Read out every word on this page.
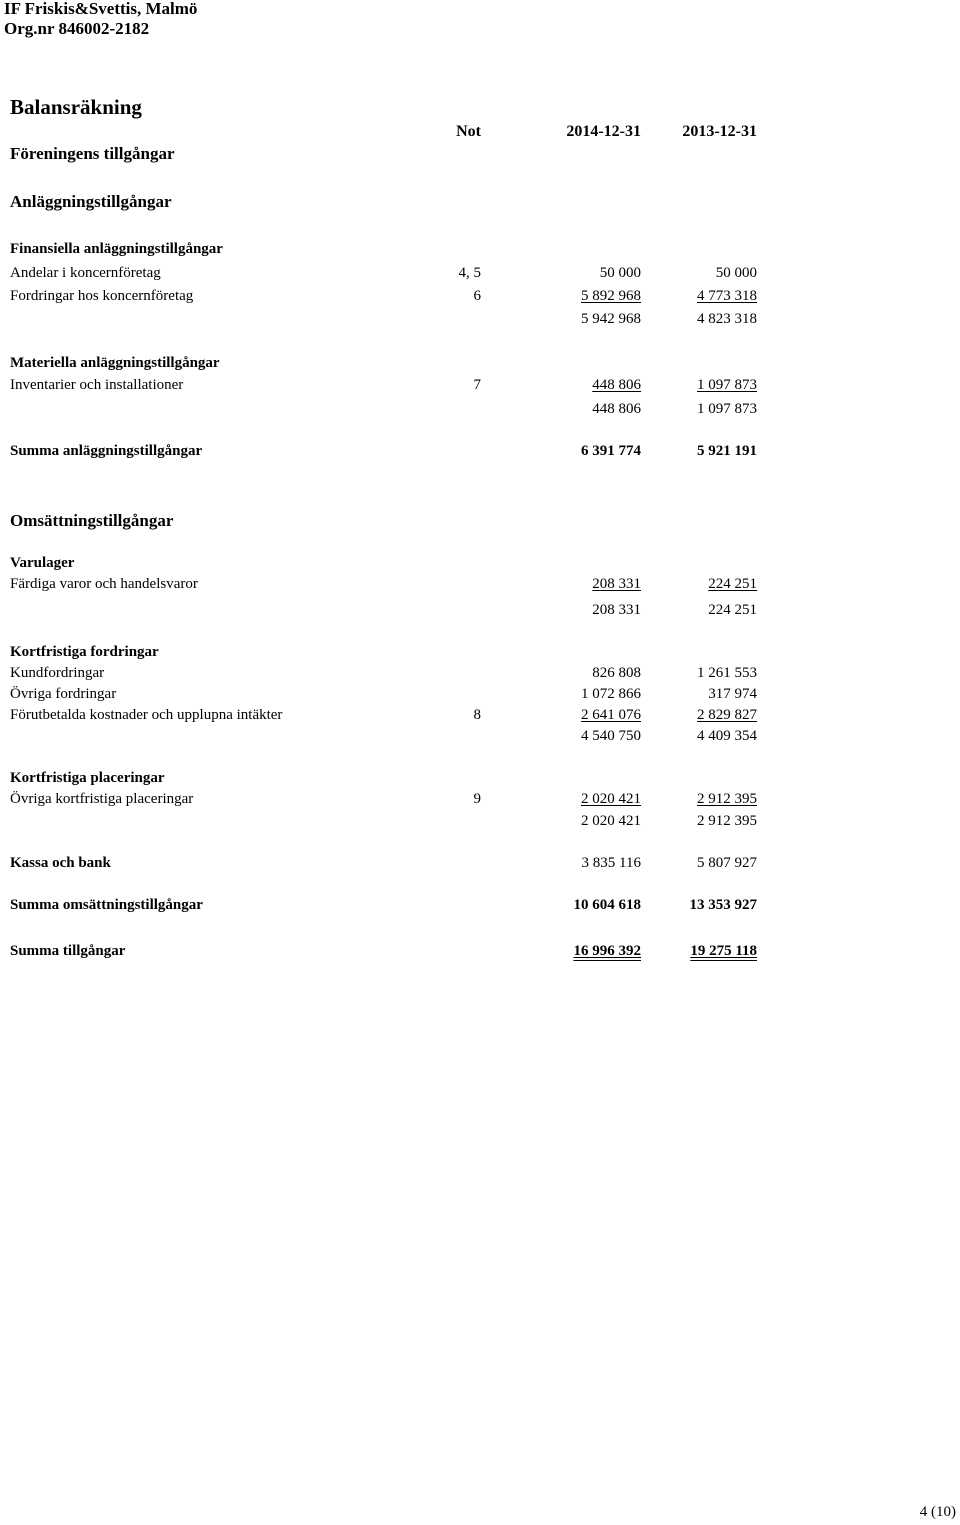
IF Friskis&Svettis, Malmö
Org.nr 846002-2182
Balansräkning
Föreningens tillgångar
Not	2014-12-31	2013-12-31
Anläggningstillgångar
Finansiella anläggningstillgångar
Andelar i koncernföretag	4, 5	50 000	50 000
Fordringar hos koncernföretag	6	5 892 968	4 773 318
5 942 968	4 823 318
Materiella anläggningstillgångar
Inventarier och installationer	7	448 806	1 097 873
448 806	1 097 873
Summa anläggningstillgångar	6 391 774	5 921 191
Omsättningstillgångar
Varulager
Färdiga varor och handelsvaror	208 331	224 251
208 331	224 251
Kortfristiga fordringar
Kundfordringar	826 808	1 261 553
Övriga fordringar	1 072 866	317 974
Förutbetalda kostnader och upplupna intäkter	8	2 641 076	2 829 827
4 540 750	4 409 354
Kortfristiga placeringar
Övriga kortfristiga placeringar	9	2 020 421	2 912 395
2 020 421	2 912 395
Kassa och bank	3 835 116	5 807 927
Summa omsättningstillgångar	10 604 618	13 353 927
Summa tillgångar	16 996 392	19 275 118
4 (10)
